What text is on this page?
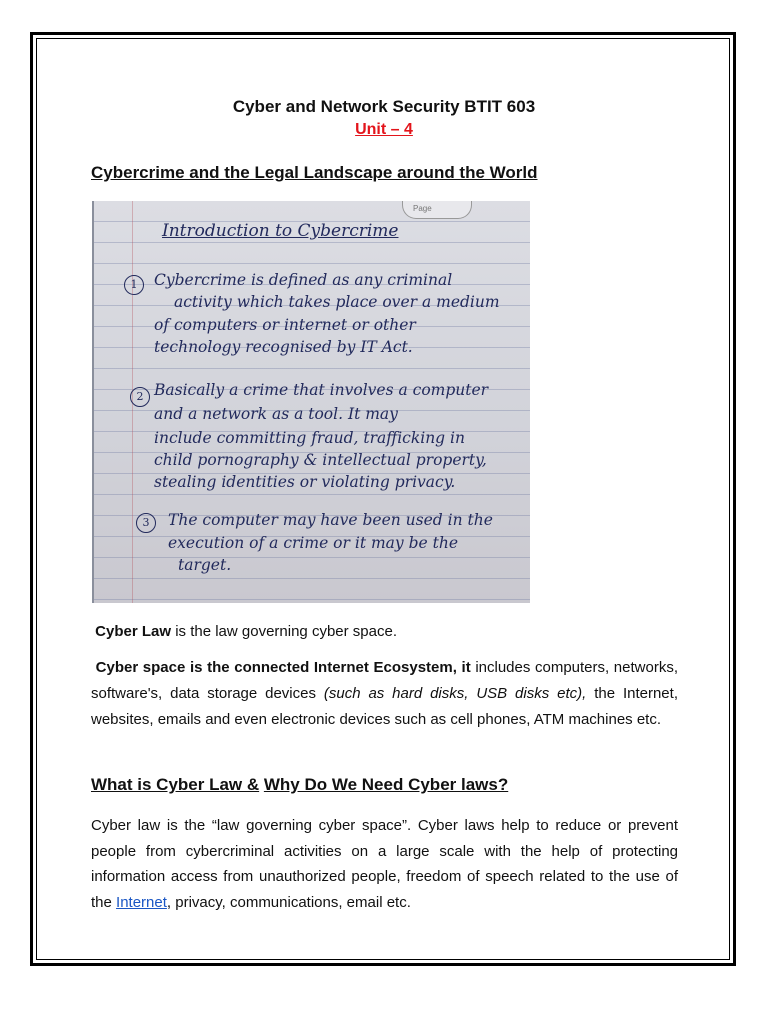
Cyber and Network Security BTIT 603
Unit – 4
Cybercrime and the Legal Landscape around the World
Page
Introduction to Cybercrime
1	Cybercrime is defined as any criminal
activity which takes place over a medium
of computers or internet or other
technology recognised by IT Act.
2 Basically a crime that involves a computer
and a network as a tool. It may
include committing fraud, trafficking in
child pornography & intellectual property,
stealing identities or violating privacy.
3	The computer may have been used in the
execution of a crime or it may be the
target.
Cyber Law is the law governing cyber space.
Cyber space is the connected Internet Ecosystem, it includes computers, networks, software's, data storage devices (such as hard disks, USB disks etc), the Internet, websites, emails and even electronic devices such as cell phones, ATM machines etc.
What is Cyber Law & Why Do We Need Cyber laws?
Cyber law is the “law governing cyber space”. Cyber laws help to reduce or prevent people from cybercriminal activities on a large scale with the help of protecting information access from unauthorized people, freedom of speech related to the use of the Internet, privacy, communications, email etc.
